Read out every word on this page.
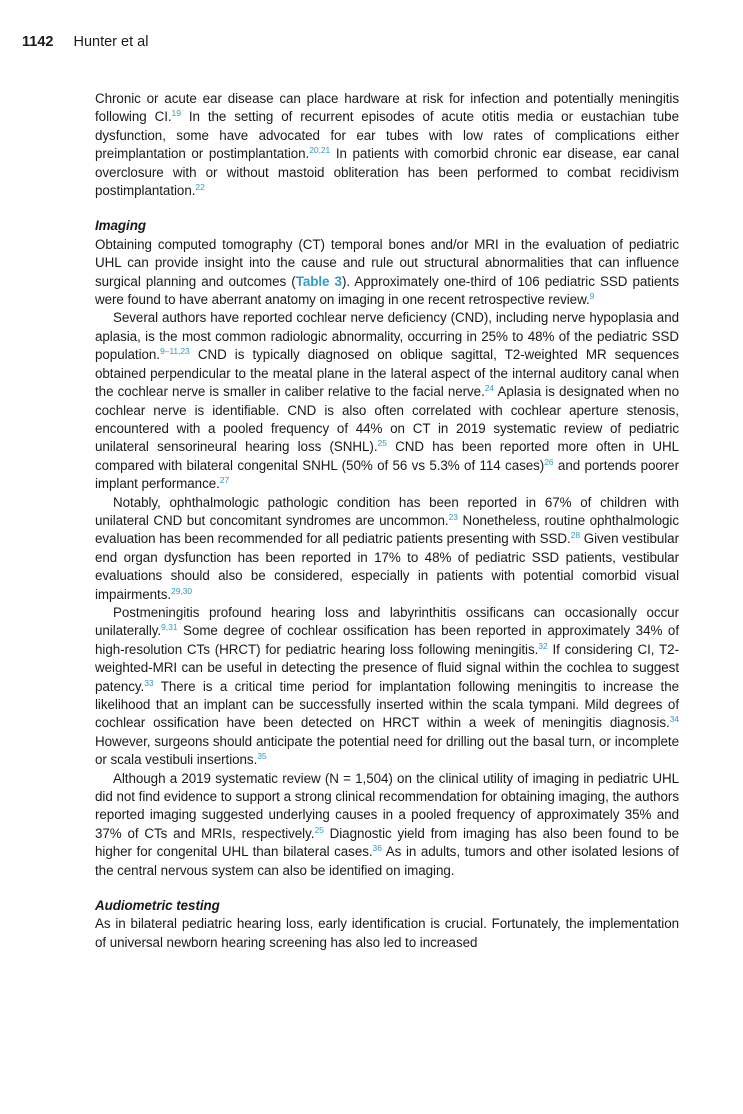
1142 Hunter et al

Chronic or acute ear disease can place hardware at risk for infection and potentially meningitis following CI.$^{19}$ In the setting of recurrent episodes of acute otitis media or eustachian tube dysfunction, some have advocated for ear tubes with low rates of complications either preimplantation or postimplantation.$^{20,21}$ In patients with comorbid chronic ear disease, ear canal overclosure with or without mastoid obliteration has been performed to combat recidivism postimplantation.$^{22}$

Imaging

Obtaining computed tomography (CT) temporal bones and/or MRI in the evaluation of pediatric UHL can provide insight into the cause and rule out structural abnormalities that can influence surgical planning and outcomes (Table 3). Approximately one-third of 106 pediatric SSD patients were found to have aberrant anatomy on imaging in one recent retrospective review.$^9$

Several authors have reported cochlear nerve deficiency (CND), including nerve hypoplasia and aplasia, is the most common radiologic abnormality, occurring in 25% to 48% of the pediatric SSD population.$^{9-11,23}$ CND is typically diagnosed on oblique sagittal, T2-weighted MR sequences obtained perpendicular to the meatal plane in the lateral aspect of the internal auditory canal when the cochlear nerve is smaller in caliber relative to the facial nerve.$^{24}$ Aplasia is designated when no cochlear nerve is identifiable. CND is also often correlated with cochlear aperture stenosis, encountered with a pooled frequency of 44% on CT in 2019 systematic review of pediatric unilateral sensorineural hearing loss (SNHL).$^{25}$ CND has been reported more often in UHL compared with bilateral congenital SNHL (50% of 56 vs 5.3% of 114 cases)$^{26}$ and portends poorer implant performance.$^{27}$

Notably, ophthalmologic pathologic condition has been reported in 67% of children with unilateral CND but concomitant syndromes are uncommon.$^{23}$ Nonetheless, routine ophthalmologic evaluation has been recommended for all pediatric patients presenting with SSD.$^{28}$ Given vestibular end organ dysfunction has been reported in 17% to 48% of pediatric SSD patients, vestibular evaluations should also be considered, especially in patients with potential comorbid visual impairments.$^{29,30}$

Postmeningitis profound hearing loss and labyrinthitis ossificans can occasionally occur unilaterally.$^{9,31}$ Some degree of cochlear ossification has been reported in approximately 34% of high-resolution CTs (HRCT) for pediatric hearing loss following meningitis.$^{32}$ If considering CI, T2-weighted-MRI can be useful in detecting the presence of fluid signal within the cochlea to suggest patency.$^{33}$ There is a critical time period for implantation following meningitis to increase the likelihood that an implant can be successfully inserted within the scala tympani. Mild degrees of cochlear ossification have been detected on HRCT within a week of meningitis diagnosis.$^{34}$ However, surgeons should anticipate the potential need for drilling out the basal turn, or incomplete or scala vestibuli insertions.$^{35}$

Although a 2019 systematic review (N = 1,504) on the clinical utility of imaging in pediatric UHL did not find evidence to support a strong clinical recommendation for obtaining imaging, the authors reported imaging suggested underlying causes in a pooled frequency of approximately 35% and 37% of CTs and MRIs, respectively.$^{25}$ Diagnostic yield from imaging has also been found to be higher for congenital UHL than bilateral cases.$^{36}$ As in adults, tumors and other isolated lesions of the central nervous system can also be identified on imaging.

Audiometric testing

As in bilateral pediatric hearing loss, early identification is crucial. Fortunately, the implementation of universal newborn hearing screening has also led to increased
